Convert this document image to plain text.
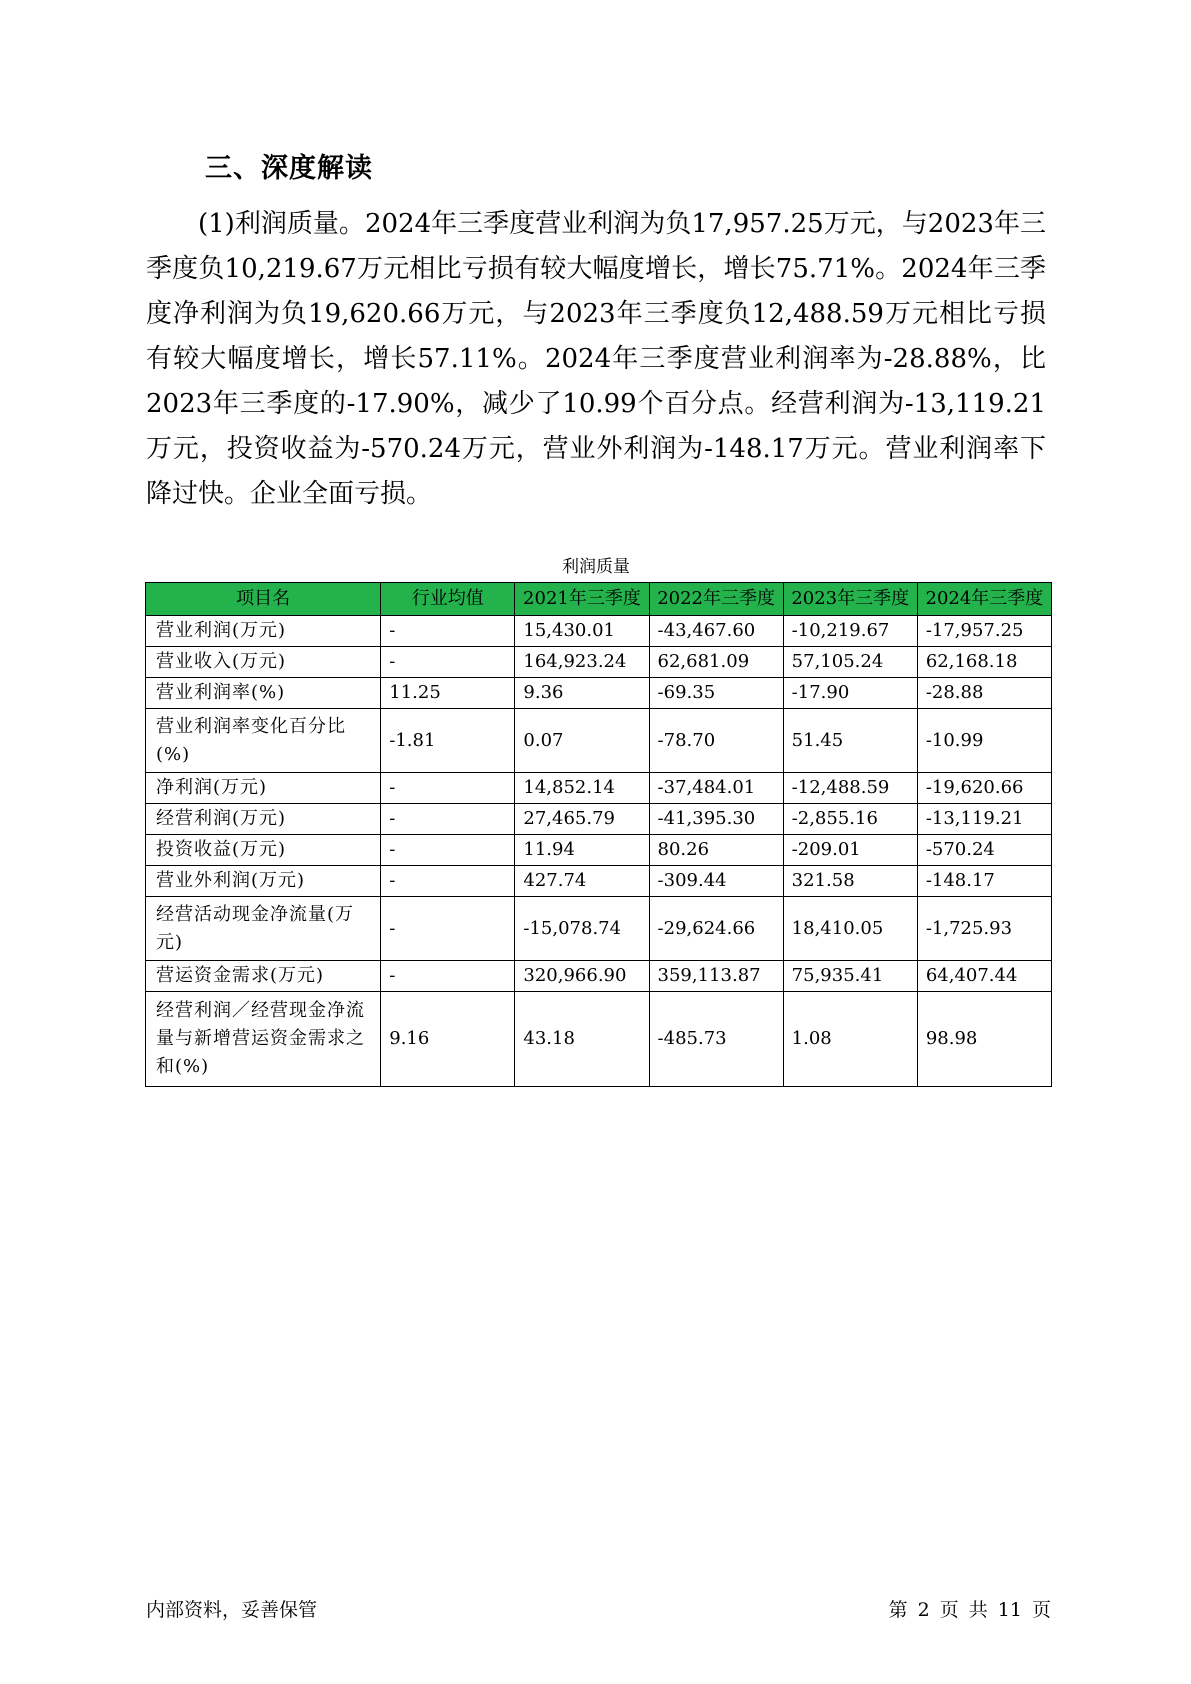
三、深度解读
(1)利润质量。2024年三季度营业利润为负17,957.25万元，与2023年三季度负10,219.67万元相比亏损有较大幅度增长，增长75.71%。2024年三季度净利润为负19,620.66万元，与2023年三季度负12,488.59万元相比亏损有较大幅度增长，增长57.11%。2024年三季度营业利润率为-28.88%，比2023年三季度的-17.90%，减少了10.99个百分点。经营利润为-13,119.21万元，投资收益为-570.24万元，营业外利润为-148.17万元。营业利润率下降过快。企业全面亏损。
利润质量
项目名	行业均值	2021年三季度	2022年三季度	2023年三季度	2024年三季度
营业利润(万元)	-	15,430.01	-43,467.60	-10,219.67	-17,957.25
营业收入(万元)	-	164,923.24	62,681.09	57,105.24	62,168.18
营业利润率(%)	11.25	9.36	-69.35	-17.90	-28.88
营业利润率变化百分比(%)	-1.81	0.07	-78.70	51.45	-10.99
净利润(万元)	-	14,852.14	-37,484.01	-12,488.59	-19,620.66
经营利润(万元)	-	27,465.79	-41,395.30	-2,855.16	-13,119.21
投资收益(万元)	-	11.94	80.26	-209.01	-570.24
营业外利润(万元)	-	427.74	-309.44	321.58	-148.17
经营活动现金净流量(万元)	-	-15,078.74	-29,624.66	18,410.05	-1,725.93
营运资金需求(万元)	-	320,966.90	359,113.87	75,935.41	64,407.44
经营利润／经营现金净流量与新增营运资金需求之和(%)	9.16	43.18	-485.73	1.08	98.98
内部资料，妥善保管	第 2 页 共 11 页
